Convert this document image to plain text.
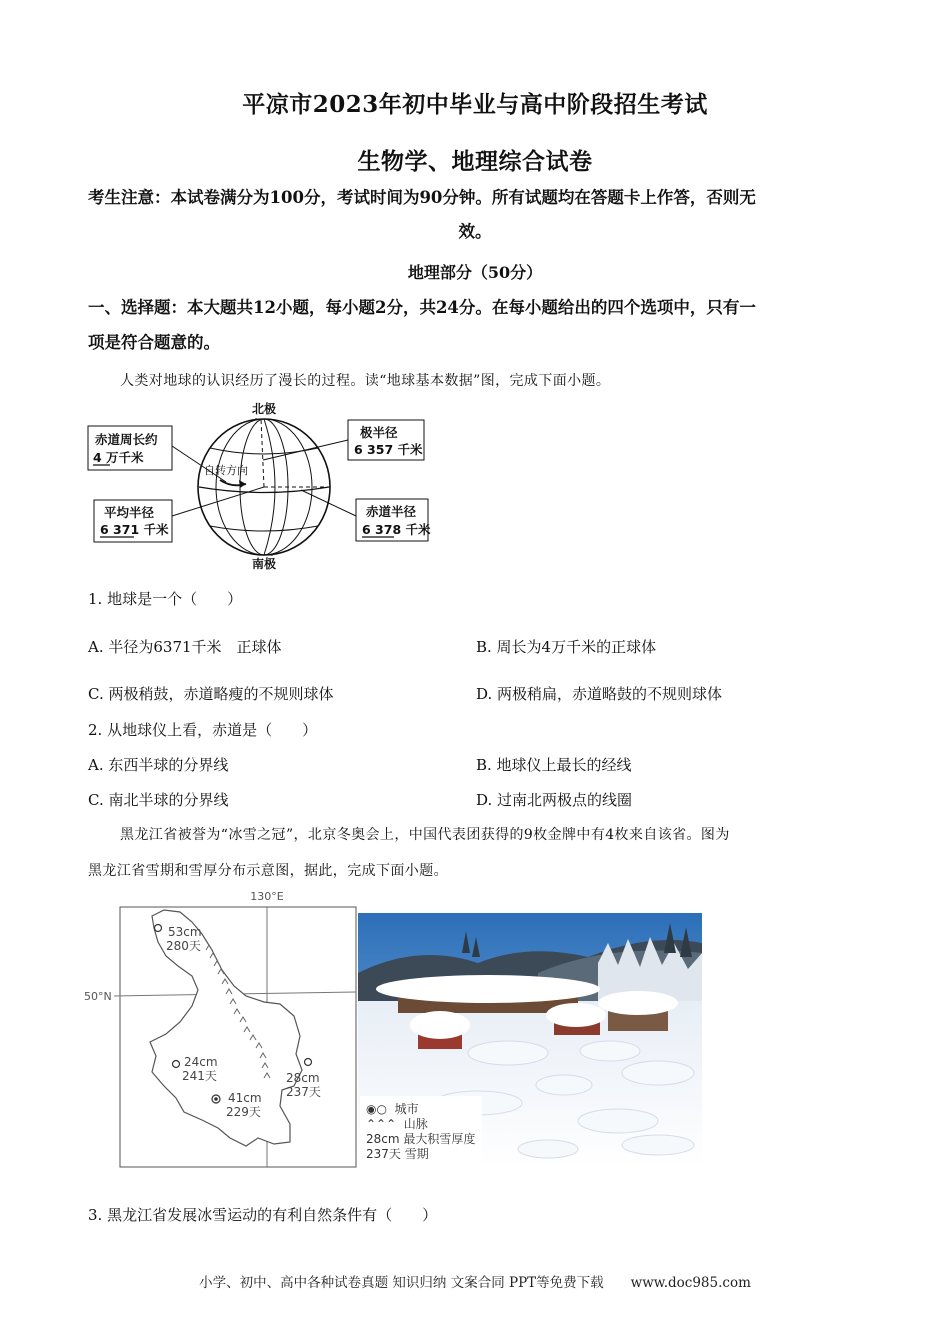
平凉市2023年初中毕业与高中阶段招生考试
生物学、地理综合试卷
考生注意：本试卷满分为100分，考试时间为90分钟。所有试题均在答题卡上作答，否则无
效。
地理部分（50分）
一、选择题：本大题共12小题，每小题2分，共24分。在每小题给出的四个选项中，只有一
项是符合题意的。
人类对地球的认识经历了漫长的过程。读“地球基本数据”图，完成下面小题。
北极
南极
自转方向
赤道周长约
4 万千米
平均半径
6 371 千米
极半径
6 357 千米
赤道半径
6 378 千米
1. 地球是一个（　　）
A. 半径为6371千米　正球体	B. 周长为4万千米的正球体
C. 两极稍鼓，赤道略瘦的不规则球体	D. 两极稍扁，赤道略鼓的不规则球体
2. 从地球仪上看，赤道是（　　）
A. 东西半球的分界线	B. 地球仪上最长的经线
C. 南北半球的分界线	D. 过南北两极点的线圈
黑龙江省被誉为“冰雪之冠”，北京冬奥会上，中国代表团获得的9枚金牌中有4枚来自该省。图为
黑龙江省雪期和雪厚分布示意图，据此，完成下面小题。
130°E
50°N
53cm
280天
24cm
241天
41cm
229天
28cm
237天
◉○  城市
⌃⌃⌃  山脉
28cm 最大积雪厚度
237天 雪期
3. 黑龙江省发展冰雪运动的有利自然条件有（　　）
小学、初中、高中各种试卷真题 知识归纳 文案合同 PPT等免费下载　　www.doc985.com
